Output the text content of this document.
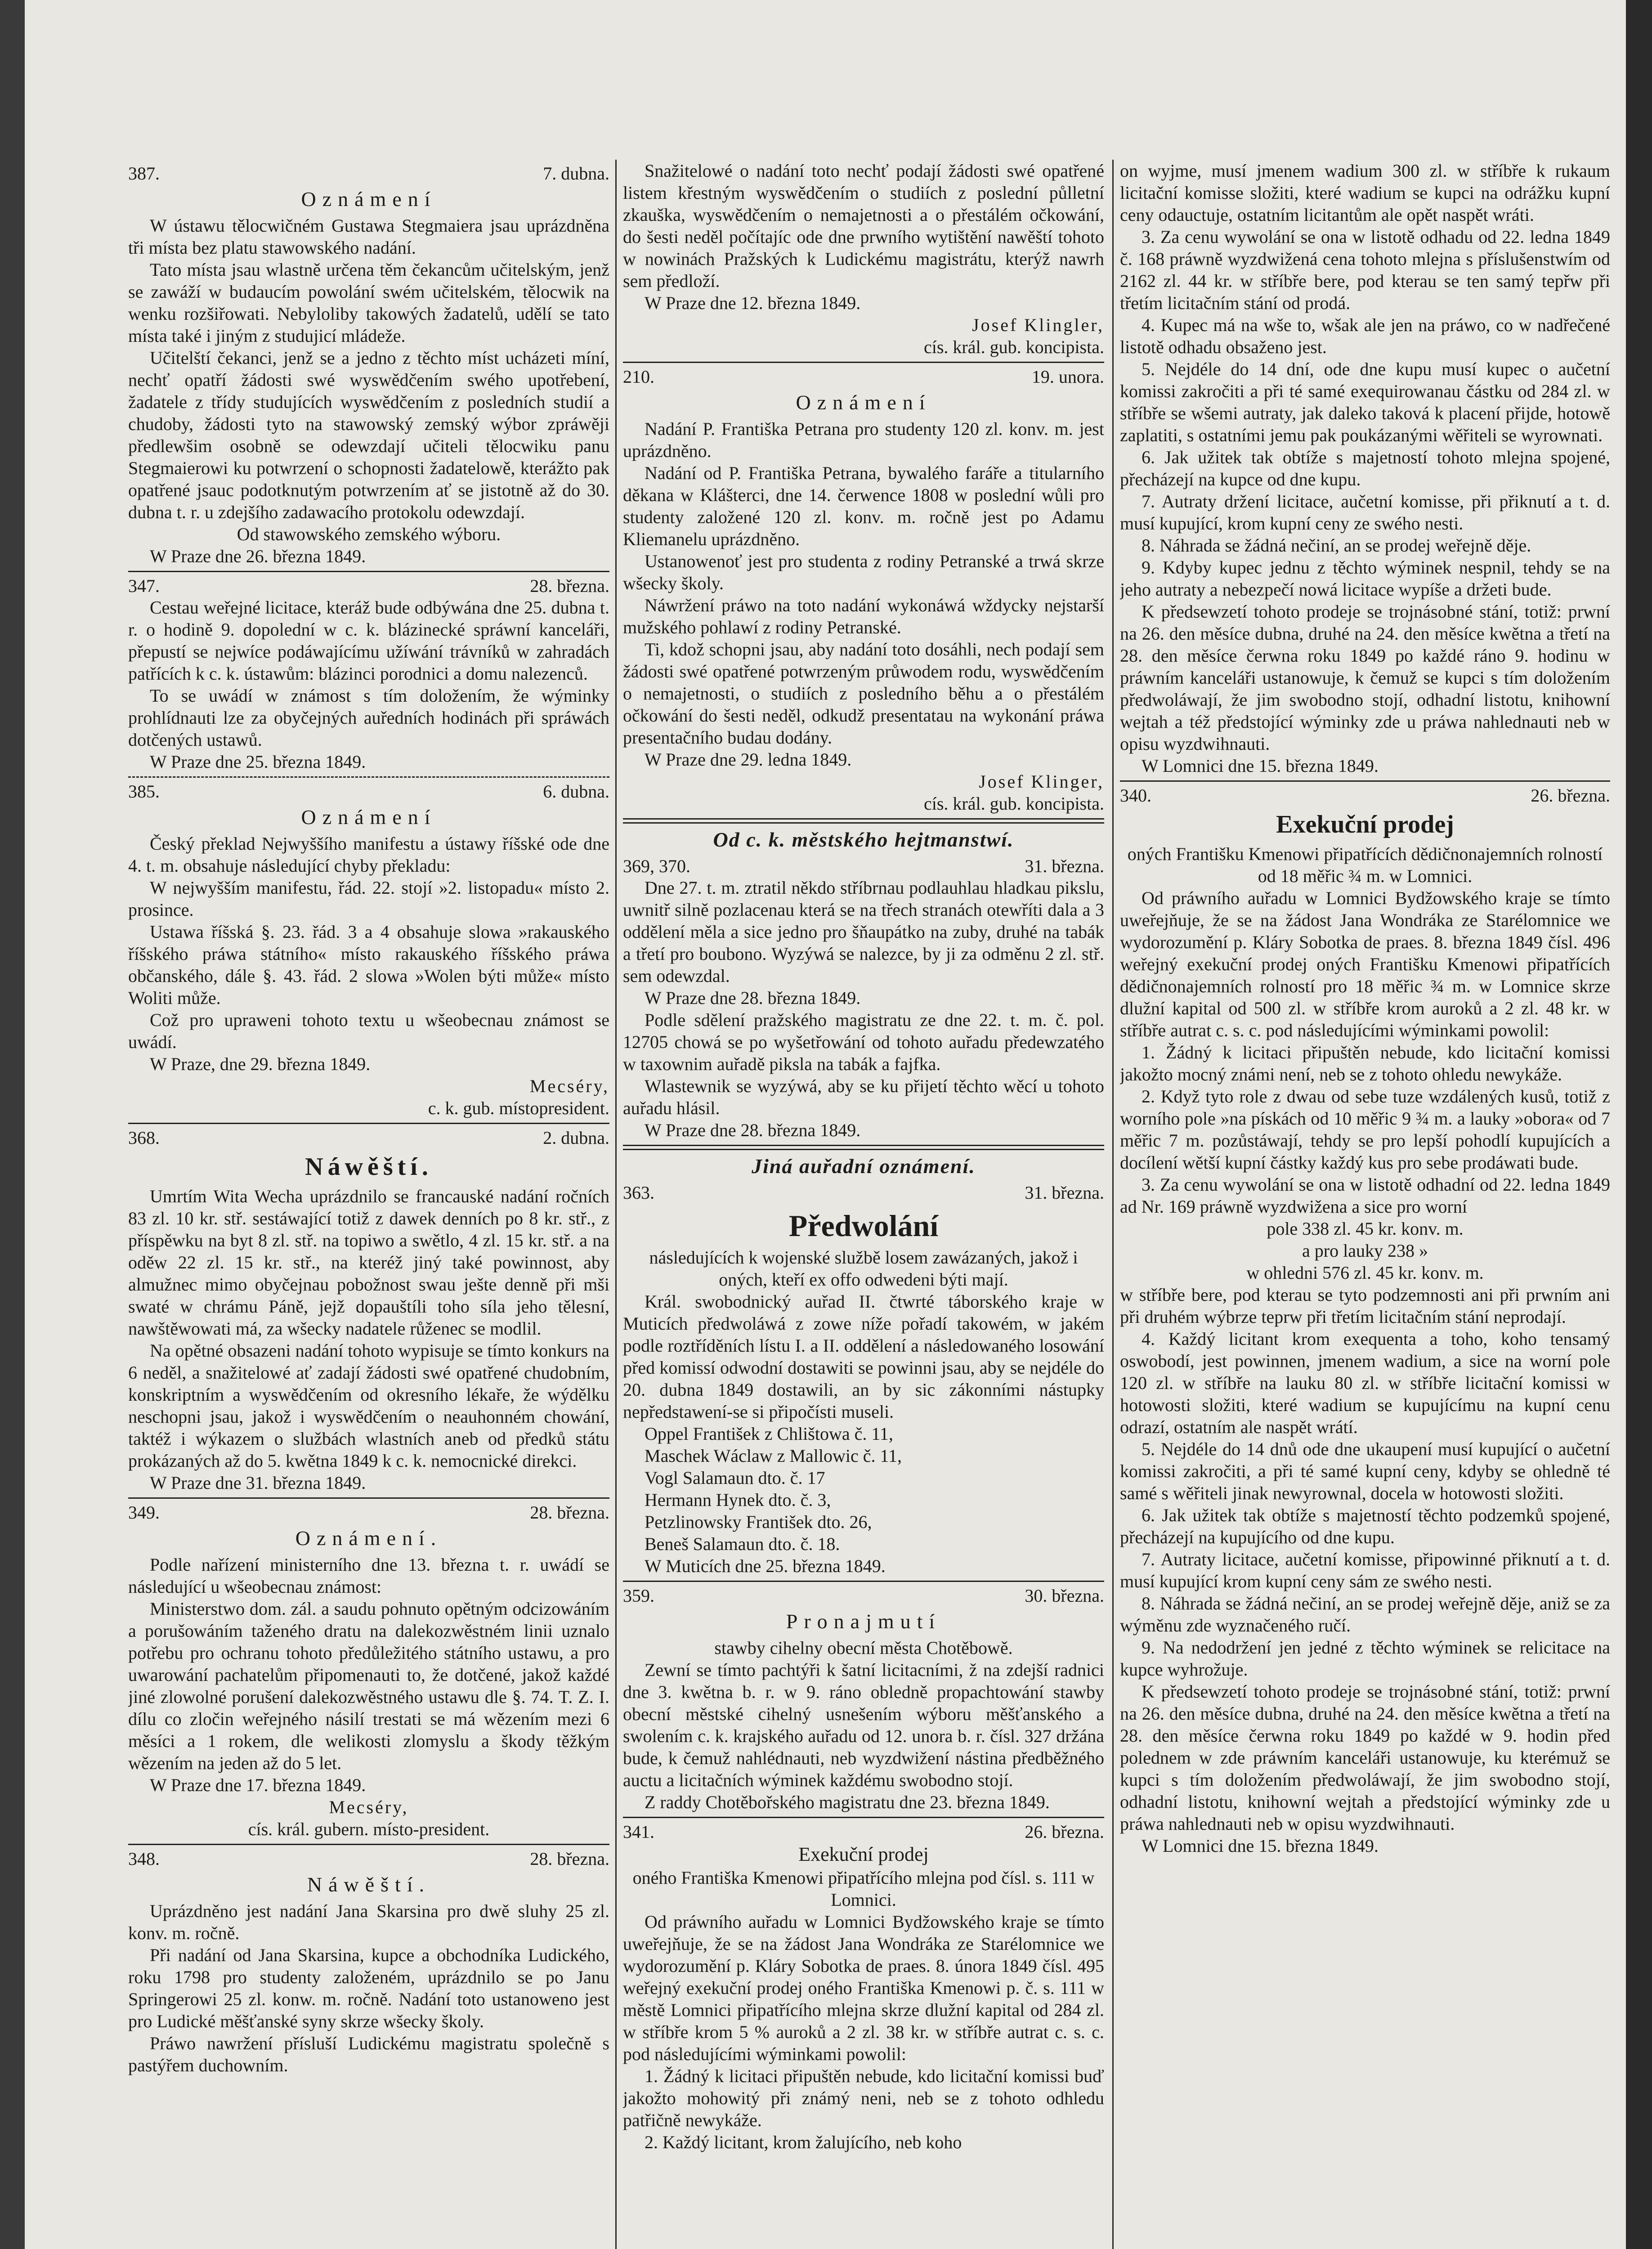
387.	7. dubna.
Oznámení

W ústawu tělocwičném Gustawa Stegmaiera jsau uprázdněna tři místa bez platu stawowského nadání.

Tato místa jsau wlastně určena těm čekancům učitelským, jenž se zawáží w budaucím powolání swém učitelském, tělocwik na wenku rozšiřowati. Nebyloliby takowých žadatelů, udělí se tato místa také i jiným z studujicí mládeže.

Učitelští čekanci, jenž se a jedno z těchto míst ucházeti míní, nechť opatří žádosti swé wyswědčením swého upotřebení, žadatele z třídy studujících wyswědčením z posledních studií a chudoby, žádosti tyto na stawowský zemský wýbor zpráwěji předlewšim osobně se odewzdají učiteli tělocwiku panu Stegmaierowi ku potwrzení o schopnosti žadatelowě, kterážto pak opatřené jsauc podotknutým potwrzením ať se jistotně až do 30. dubna t. r. u zdejšího zadawacího protokolu odewzdají.

Od stawowského zemského wýboru.

W Praze dne 26. března 1849.

347.	28. března.

Cestau weřejné licitace, kteráž bude odbýwána dne 25. dubna t. r. o hodině 9. dopolední w c. k. blázinecké spráwní kanceláři, přepustí se nejwíce podáwajícímu užíwání trávníků w zahradách patřících k c. k. ústawům: blázinci porodnici a domu nalezenců.

To se uwádí w známost s tím doložením, že wýminky prohlídnauti lze za obyčejných auředních hodinách při spráwách dotčených ustawů.

W Praze dne 25. března 1849.

385.	6. dubna.
Oznámení

Český překlad Nejwyššího manifestu a ústawy říšské ode dne 4. t. m. obsahuje následující chyby překladu:

W nejwyšším manifestu, řád. 22. stojí »2. listopadu« místo 2. prosince.

Ustawa říšská §. 23. řád. 3 a 4 obsahuje slowa »rakauského říšského práwa státního« místo rakauského říšského práwa občanského, dále §. 43. řád. 2 slowa »Wolen býti může« místo Woliti může.

Což pro upraweni tohoto textu u wšeobecnau známost se uwádí.

W Praze, dne 29. března 1849.

Mecséry,

c. k. gub. místopresident.

368.	2. dubna.
Náwěští.

Umrtím Wita Wecha uprázdnilo se francauské nadání ročních 83 zl. 10 kr. stř. sestáwající totiž z dawek denních po 8 kr. stř., z příspěwku na byt 8 zl. stř. na topiwo a swětlo, 4 zl. 15 kr. stř. a na oděw 22 zl. 15 kr. stř., na kteréž jiný také powinnost, aby almužnec mimo obyčejnau pobožnost swau ješte denně při mši swaté w chrámu Páně, jejž dopauštíli toho síla jeho tělesní, nawštěwowati má, za wšecky nadatele růženec se modlil.

Na opětné obsazeni nadání tohoto wypisuje se tímto konkurs na 6 neděl, a snažitelowé ať zadají žádosti swé opatřené chudobním, konskriptním a wyswědčením od okresního lékaře, že wýdělku neschopni jsau, jakož i wyswědčením o neauhonném chowání, taktéž i wýkazem o službách wlastních aneb od předků státu prokázaných až do 5. kwětna 1849 k c. k. nemocnické direkci.

W Praze dne 31. března 1849.

349.	28. března.
Oznámení.

Podle nařízení ministerního dne 13. března t. r. uwádí se následující u wšeobecnau známost:

Ministerstwo dom. zál. a saudu pohnuto opětným odcizowáním a porušowáním taženého dratu na dalekozwěstném linii uznalo potřebu pro ochranu tohoto předůležitého státního ustawu, a pro uwarowání pachatelům připomenauti to, že dotčené, jakož každé jiné zlowolné porušení dalekozwěstného ustawu dle §. 74. T. Z. I. dílu co zločin weřejného násilí trestati se má wězením mezi 6 měsíci a 1 rokem, dle welikosti zlomyslu a škody těžkým wězením na jeden až do 5 let.

W Praze dne 17. března 1849.

Mecséry,

cís. král. gubern. místo-president.

348.	28. března.
Náwěští.

Uprázdněno jest nadání Jana Skarsina pro dwě sluhy 25 zl. konv. m. ročně.

Při nadání od Jana Skarsina, kupce a obchodníka Ludického, roku 1798 pro studenty založeném, uprázdnilo se po Janu Springerowi 25 zl. konw. m. ročně. Nadání toto ustanoweno jest pro Ludické měšťanské syny skrze wšecky školy.

Práwo nawržení přísluší Ludickému magistratu společně s pastýřem duchowním.

Snažitelowé o nadání toto nechť podají žádosti swé opatřené listem křestným wyswědčením o studiích z poslední půlletní zkauška, wyswědčením o nemajetnosti a o přestálém očkowání, do šesti neděl počítajíc ode dne prwního wytištění nawěští tohoto w nowinách Pražských k Ludickému magistrátu, kterýž nawrh sem předloží.

W Praze dne 12. března 1849.

Josef Klingler,

cís. král. gub. koncipista.

210.	19. unora.
Oznámení

Nadání P. Františka Petrana pro studenty 120 zl. konv. m. jest uprázdněno.

Nadání od P. Františka Petrana, bywalého faráře a titularního děkana w Klášterci, dne 14. čerwence 1808 w poslední wůli pro studenty založené 120 zl. konv. m. ročně jest po Adamu Kliemanelu uprázdněno.

Ustanowenoť jest pro studenta z rodiny Petranské a trwá skrze wšecky školy.

Náwržení práwo na toto nadání wykonáwá wždycky nejstarší mužského pohlawí z rodiny Petranské.

Ti, kdož schopni jsau, aby nadání toto dosáhli, nech podají sem žádosti swé opatřené potwrzeným průwodem rodu, wyswědčením o nemajetnosti, o studiích z posledního běhu a o přestálém očkowání do šesti neděl, odkudž presentatau na wykonání práwa presentačního budau dodány.

W Praze dne 29. ledna 1849.

Josef Klinger,

cís. král. gub. koncipista.

Od c. k. městského hejtmanstwí.
369, 370.	31. března.

Dne 27. t. m. ztratil někdo stříbrnau podlauhlau hladkau pikslu, uwnitř silně pozlacenau která se na třech stranách otewříti dala a 3 oddělení měla a sice jedno pro šňaupátko na zuby, druhé na tabák a třetí pro boubono. Wyzýwá se nalezce, by ji za odměnu 2 zl. stř. sem odewzdal.

W Praze dne 28. března 1849.

Podle sdělení pražského magistratu ze dne 22. t. m. č. pol. 12705 chowá se po wyšetřowání od tohoto auřadu předewzatého w taxownim auřadě piksla na tabák a fajfka.

Wlastewnik se wyzýwá, aby se ku přijetí těchto wěcí u tohoto auřadu hlásil.

W Praze dne 28. března 1849.

Jiná auřadní oznámení.
363.	31. března.
Předwolání

následujících k wojenské službě losem zawázaných, jakož i oných, kteří ex offo odwedeni býti mají.

Král. swobodnický auřad II. čtwrté táborského kraje w Muticích předwoláwá z zowe níže pořadí takowém, w jakém podle roztříděních lístu I. a II. oddělení a následowaného losowání před komissí odwodní dostawiti se powinni jsau, aby se nejdéle do 20. dubna 1849 dostawili, an by sic zákonními nástupky nepředstawení-se si připočísti museli.

Oppel František z Chlištowa č. 11,

Maschek Wáclaw z Mallowic č. 11,

Vogl Salamaun dto. č. 17

Hermann Hynek dto. č. 3,

Petzlinowsky František dto. 26,

Beneš Salamaun dto. č. 18.

W Muticích dne 25. března 1849.

359.	30. března.
Pronajmutí

stawby cihelny obecní města Chotěbowě.

Zewní se tímto pachtýři k šatní licitacními, ž na zdejší radnici dne 3. kwětna b. r. w 9. ráno obledně propachtowání stawby obecní městské cihelný usnešením wýboru měšťanského a swolením c. k. krajského auřadu od 12. unora b. r. čísl. 327 držána bude, k čemuž nahlédnauti, neb wyzdwižení nástina předběžného auctu a licitačních wýminek každému swobodno stojí.

Z raddy Chotěbořského magistratu dne 23. března 1849.

341.	26. března.
Exekuční prodej

oného Františka Kmenowi připatřícího mlejna pod čísl. s. 111 w Lomnici.

Od práwního auřadu w Lomnici Bydžowského kraje se tímto uweřejňuje, že se na žádost Jana Wondráka ze Starélomnice we wydorozumění p. Kláry Sobotka de praes. 8. února 1849 čísl. 495 weřejný exekuční prodej oného Františka Kmenowi p. č. s. 111 w městě Lomnici připatřícího mlejna skrze dlužní kapital od 284 zl. w stříbře krom 5 % auroků a 2 zl. 38 kr. w stříbře autrat c. s. c. pod následujícími wýminkami powolil:

1. Žádný k licitaci připuštěn nebude, kdo licitační komissi buď jakožto mohowitý při známý neni, neb se z tohoto odhledu patřičně newykáže.

2. Každý licitant, krom žalujícího, neb koho

on wyjme, musí jmenem wadium 300 zl. w stříbře k rukaum licitační komisse složiti, které wadium se kupci na odrážku kupní ceny odauctuje, ostatním licitantům ale opět naspět wráti.

3. Za cenu wywolání se ona w listotě odhadu od 22. ledna 1849 č. 168 práwně wyzdwižená cena tohoto mlejna s příslušenstwím od 2162 zl. 44 kr. w stříbře bere, pod kterau se ten samý tepřw při třetím licitačním stání od prodá.

4. Kupec má na wše to, wšak ale jen na práwo, co w nadřečené listotě odhadu obsaženo jest.

5. Nejdéle do 14 dní, ode dne kupu musí kupec o aučetní komissi zakročiti a při té samé exequirowanau částku od 284 zl. w stříbře se wšemi autraty, jak daleko taková k placení přijde, hotowě zaplatiti, s ostatními jemu pak poukázanými wěřiteli se wyrownati.

6. Jak užitek tak obtíže s majetností tohoto mlejna spojené, přecházejí na kupce od dne kupu.

7. Autraty držení licitace, aučetní komisse, při přiknutí a t. d. musí kupující, krom kupní ceny ze swého nesti.

8. Náhrada se žádná nečiní, an se prodej weřejně děje.

9. Kdyby kupec jednu z těchto wýminek nespnil, tehdy se na jeho autraty a nebezpečí nowá licitace wypíše a držeti bude.

K předsewzetí tohoto prodeje se trojnásobné stání, totiž: prwní na 26. den měsíce dubna, druhé na 24. den měsíce kwětna a třetí na 28. den měsíce čerwna roku 1849 po každé ráno 9. hodinu w práwním kanceláři ustanowuje, k čemuž se kupci s tím doložením předwoláwají, že jim swobodno stojí, odhadní listotu, knihowní wejtah a též předstojící wýminky zde u práwa nahlednauti neb w opisu wyzdwihnauti.

W Lomnici dne 15. března 1849.

340.	26. března.
Exekuční prodej

oných Františku Kmenowi připatřících dědičnonajemních rolností od 18 měřic ¾ m. w Lomnici.

Od práwního auřadu w Lomnici Bydžowského kraje se tímto uweřejňuje, že se na žádost Jana Wondráka ze Starélomnice we wydorozumění p. Kláry Sobotka de praes. 8. března 1849 čísl. 496 weřejný exekuční prodej oných Františku Kmenowi připatřících dědičnonajemních rolností pro 18 měřic ¾ m. w Lomnice skrze dlužní kapital od 500 zl. w stříbře krom auroků a 2 zl. 48 kr. w stříbře autrat c. s. c. pod následujícími wýminkami powolil:

1. Žádný k licitaci připuštěn nebude, kdo licitační komissi jakožto mocný známi není, neb se z tohoto ohledu newykáže.

2. Když tyto role z dwau od sebe tuze wzdálených kusů, totiž z worního pole »na pískách od 10 měřic 9 ¾ m. a lauky »obora« od 7 měřic 7 m. pozůstáwají, tehdy se pro lepší pohodlí kupujících a docílení wětší kupní částky každý kus pro sebe prodáwati bude.

3. Za cenu wywolání se ona w listotě odhadní od 22. ledna 1849 ad Nr. 169 práwně wyzdwižena a sice pro worní

pole 338 zl. 45 kr. konv. m.

a pro lauky 238 »

w ohledni 576 zl. 45 kr. konv. m.

w stříbře bere, pod kterau se tyto podzemnosti ani při prwním ani při druhém wýbrze teprw při třetím licitačním stání neprodají.

4. Každý licitant krom exequenta a toho, koho tensamý oswobodí, jest powinnen, jmenem wadium, a sice na worní pole 120 zl. w stříbře na lauku 80 zl. w stříbře licitační komissi w hotowosti složiti, které wadium se kupujícímu na kupní cenu odrazí, ostatním ale naspět wrátí.

5. Nejdéle do 14 dnů ode dne ukaupení musí kupující o aučetní komissi zakročiti, a při té samé kupní ceny, kdyby se ohledně té samé s wěřiteli jinak newyrownal, docela w hotowosti složiti.

6. Jak užitek tak obtíže s majetností těchto podzemků spojené, přecházejí na kupujícího od dne kupu.

7. Autraty licitace, aučetní komisse, připowinné přiknutí a t. d. musí kupující krom kupní ceny sám ze swého nesti.

8. Náhrada se žádná nečiní, an se prodej weřejně děje, aniž se za wýměnu zde wyznačeného ručí.

9. Na nedodržení jen jedné z těchto wýminek se relicitace na kupce wyhrožuje.

K předsewzetí tohoto prodeje se trojnásobné stání, totiž: prwní na 26. den měsíce dubna, druhé na 24. den měsíce kwětna a třetí na 28. den měsíce čerwna roku 1849 po každé w 9. hodin před polednem w zde práwním kanceláři ustanowuje, ku kterémuž se kupci s tím doložením předwoláwají, že jim swobodno stojí, odhadní listotu, knihowní wejtah a předstojící wýminky zde u práwa nahlednauti neb w opisu wyzdwihnauti.

W Lomnici dne 15. března 1849.
